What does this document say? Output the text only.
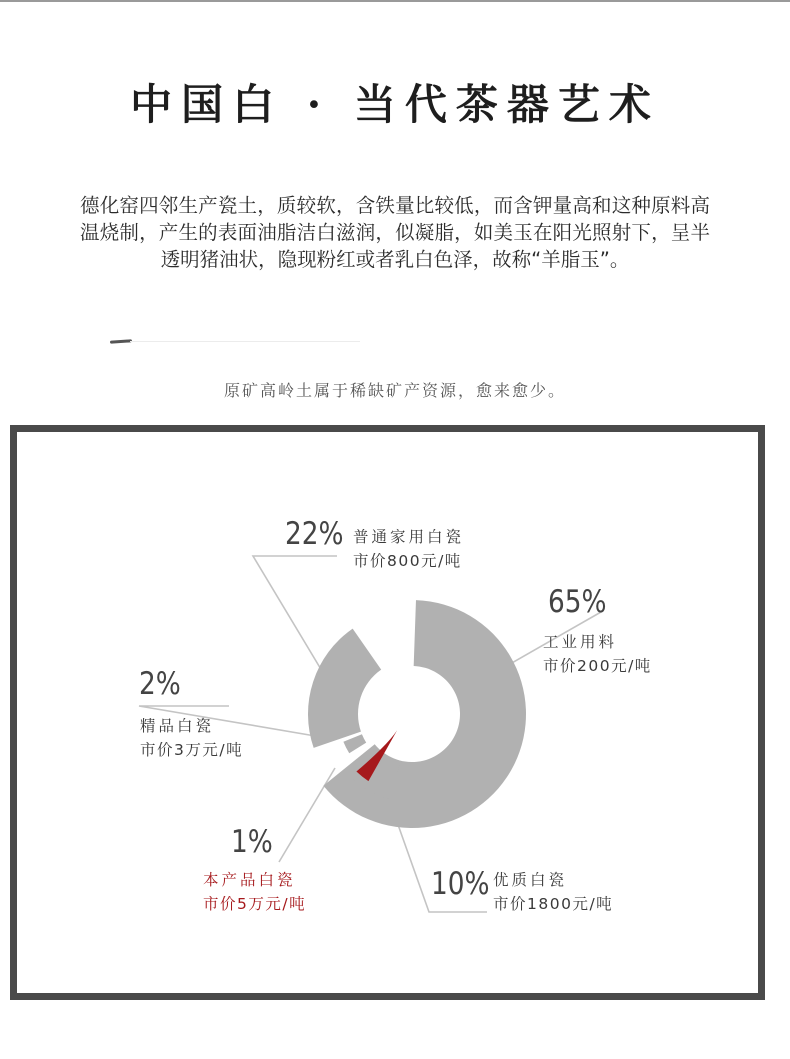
中国白 · 当代茶器艺术

德化窑四邻生产瓷土，质较软，含铁量比较低，而含钾量高和这种原料高温烧制，产生的表面油脂洁白滋润，似凝脂，如美玉在阳光照射下，呈半透明猪油状，隐现粉红或者乳白色泽，故称“羊脂玉”。

原矿高岭土属于稀缺矿产资源，愈来愈少。
22% 普通家用白瓷
市价800元/吨
65%
工业用料
市价200元/吨
2%
精品白瓷
市价3万元/吨
1%
本产品白瓷
市价5万元/吨
10% 优质白瓷
市价1800元/吨
